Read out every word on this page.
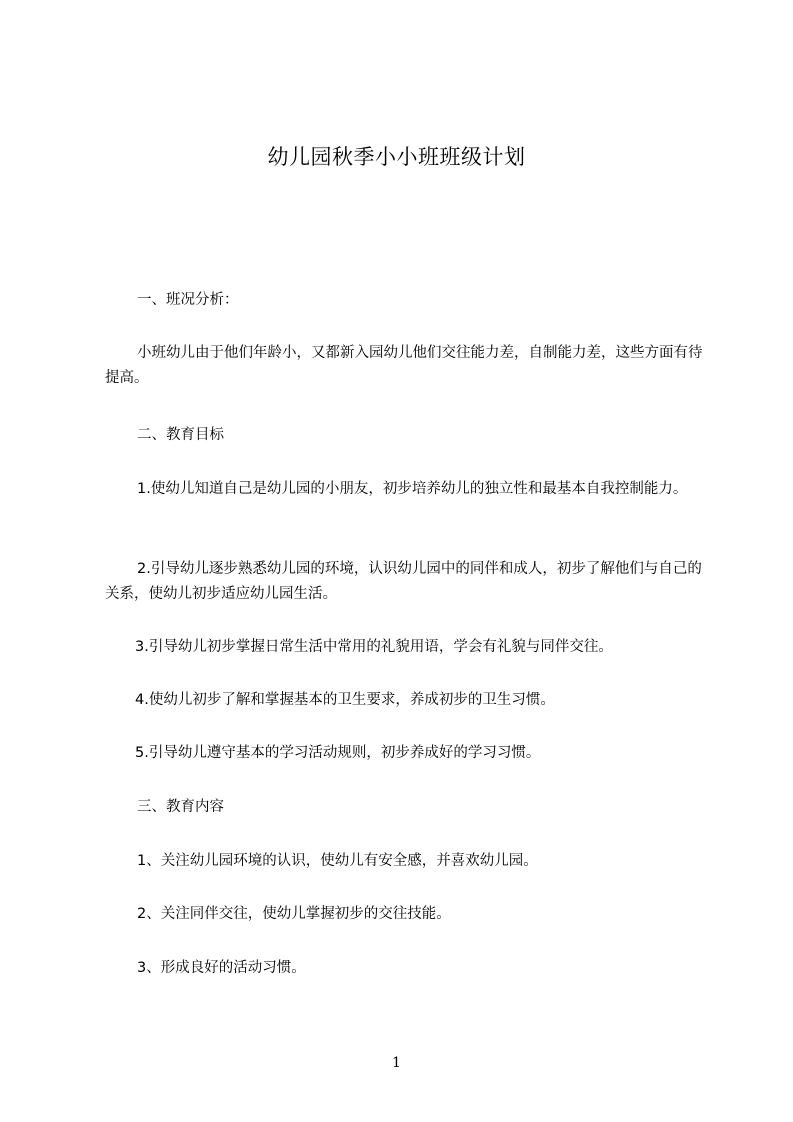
幼儿园秋季小小班班级计划
一、班况分析：
小班幼儿由于他们年龄小，又都新入园幼儿他们交往能力差，自制能力差，这些方面有待提高。
二、教育目标
1.使幼儿知道自己是幼儿园的小朋友，初步培养幼儿的独立性和最基本自我控制能力。
2.引导幼儿逐步熟悉幼儿园的环境，认识幼儿园中的同伴和成人，初步了解他们与自己的关系，使幼儿初步适应幼儿园生活。
3.引导幼儿初步掌握日常生活中常用的礼貌用语，学会有礼貌与同伴交往。
4.使幼儿初步了解和掌握基本的卫生要求，养成初步的卫生习惯。
5.引导幼儿遵守基本的学习活动规则，初步养成好的学习习惯。
三、教育内容
1、关注幼儿园环境的认识，使幼儿有安全感，并喜欢幼儿园。
2、关注同伴交往，使幼儿掌握初步的交往技能。
3、形成良好的活动习惯。
1
